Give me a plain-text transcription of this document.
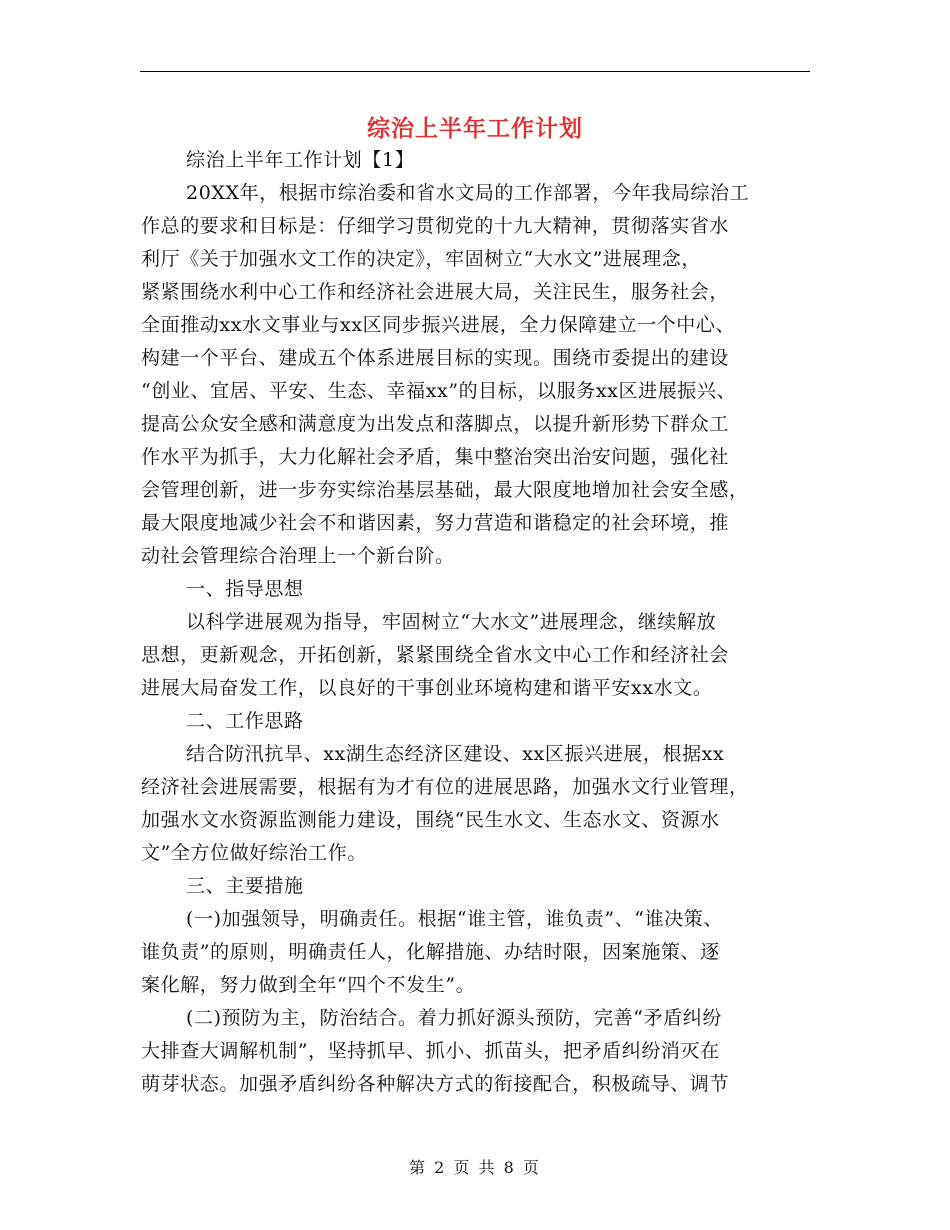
综治上半年工作计划
综治上半年工作计划【1】
20XX年，根据市综治委和省水文局的工作部署，今年我局综治工
作总的要求和目标是：仔细学习贯彻党的十九大精神，贯彻落实省水
利厅《关于加强水文工作的决定》，牢固树立“大水文”进展理念，
紧紧围绕水利中心工作和经济社会进展大局，关注民生，服务社会，
全面推动xx水文事业与xx区同步振兴进展，全力保障建立一个中心、
构建一个平台、建成五个体系进展目标的实现。围绕市委提出的建设
“创业、宜居、平安、生态、幸福xx”的目标，以服务xx区进展振兴、
提高公众安全感和满意度为出发点和落脚点，以提升新形势下群众工
作水平为抓手，大力化解社会矛盾，集中整治突出治安问题，强化社
会管理创新，进一步夯实综治基层基础，最大限度地增加社会安全感，
最大限度地减少社会不和谐因素，努力营造和谐稳定的社会环境，推
动社会管理综合治理上一个新台阶。
一、指导思想
以科学进展观为指导，牢固树立“大水文”进展理念，继续解放
思想，更新观念，开拓创新，紧紧围绕全省水文中心工作和经济社会
进展大局奋发工作，以良好的干事创业环境构建和谐平安xx水文。
二、工作思路
结合防汛抗旱、xx湖生态经济区建设、xx区振兴进展，根据xx
经济社会进展需要，根据有为才有位的进展思路，加强水文行业管理，
加强水文水资源监测能力建设，围绕“民生水文、生态水文、资源水
文”全方位做好综治工作。
三、主要措施
(一)加强领导，明确责任。根据“谁主管，谁负责”、“谁决策、
谁负责”的原则，明确责任人，化解措施、办结时限，因案施策、逐
案化解，努力做到全年“四个不发生”。
(二)预防为主，防治结合。着力抓好源头预防，完善“矛盾纠纷
大排查大调解机制”，坚持抓早、抓小、抓苗头，把矛盾纠纷消灭在
萌芽状态。加强矛盾纠纷各种解决方式的衔接配合，积极疏导、调节
第 2 页 共 8 页
